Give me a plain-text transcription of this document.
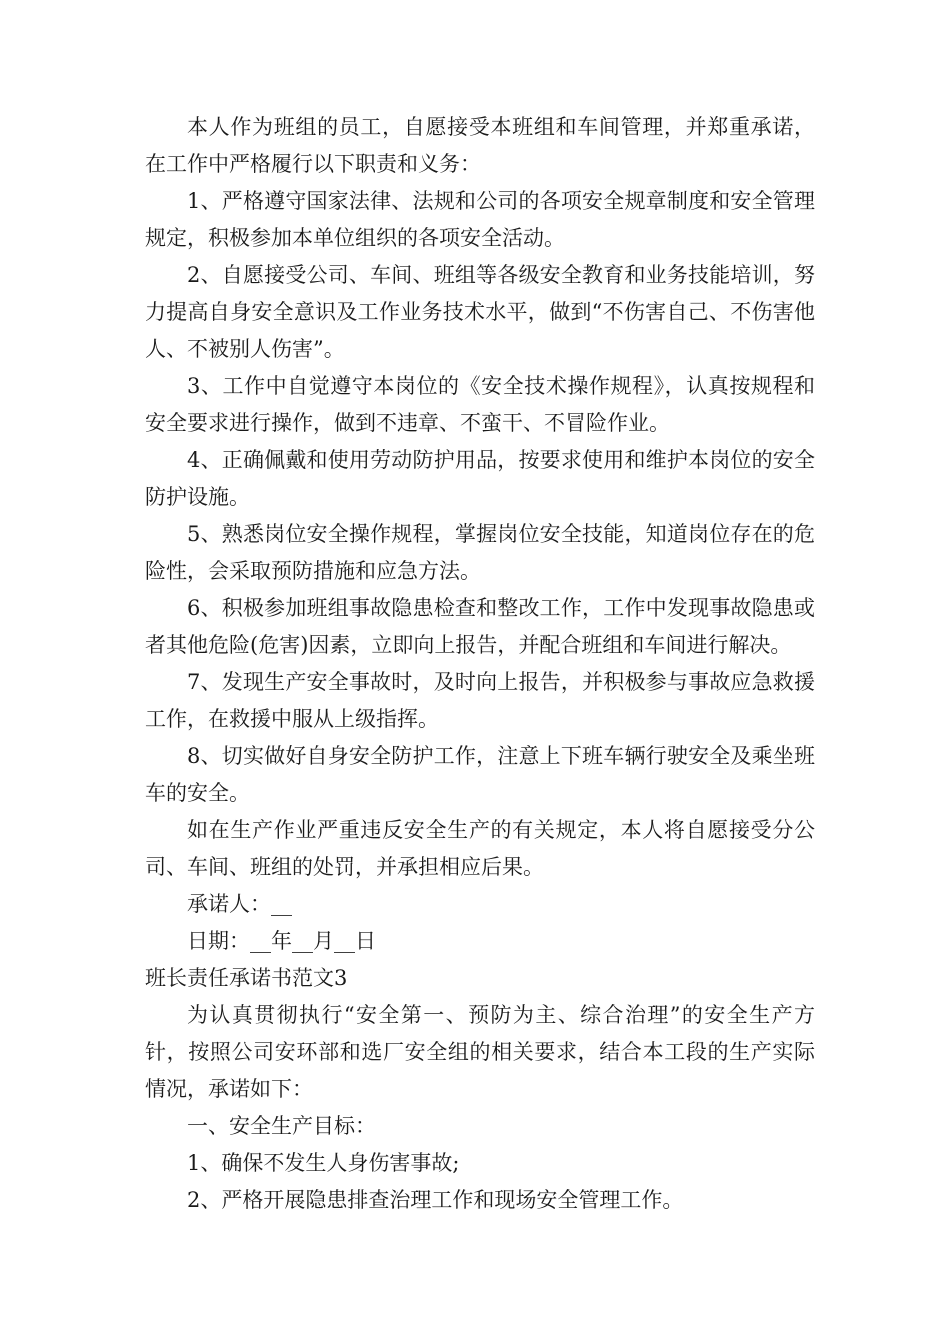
本人作为班组的员工，自愿接受本班组和车间管理，并郑重承诺，在工作中严格履行以下职责和义务：

1、严格遵守国家法律、法规和公司的各项安全规章制度和安全管理规定，积极参加本单位组织的各项安全活动。

2、自愿接受公司、车间、班组等各级安全教育和业务技能培训，努力提高自身安全意识及工作业务技术水平，做到“不伤害自己、不伤害他人、不被别人伤害”。

3、工作中自觉遵守本岗位的《安全技术操作规程》，认真按规程和安全要求进行操作，做到不违章、不蛮干、不冒险作业。

4、正确佩戴和使用劳动防护用品，按要求使用和维护本岗位的安全防护设施。

5、熟悉岗位安全操作规程，掌握岗位安全技能，知道岗位存在的危险性，会采取预防措施和应急方法。

6、积极参加班组事故隐患检查和整改工作，工作中发现事故隐患或者其他危险(危害)因素，立即向上报告，并配合班组和车间进行解决。

7、发现生产安全事故时，及时向上报告，并积极参与事故应急救援工作，在救援中服从上级指挥。

8、切实做好自身安全防护工作，注意上下班车辆行驶安全及乘坐班车的安全。

如在生产作业严重违反安全生产的有关规定，本人将自愿接受分公司、车间、班组的处罚，并承担相应后果。

承诺人：__

日期：__年__月__日

班长责任承诺书范文3

为认真贯彻执行“安全第一、预防为主、综合治理”的安全生产方针，按照公司安环部和选厂安全组的相关要求，结合本工段的生产实际情况，承诺如下：

一、安全生产目标：

1、确保不发生人身伤害事故;

2、严格开展隐患排查治理工作和现场安全管理工作。
